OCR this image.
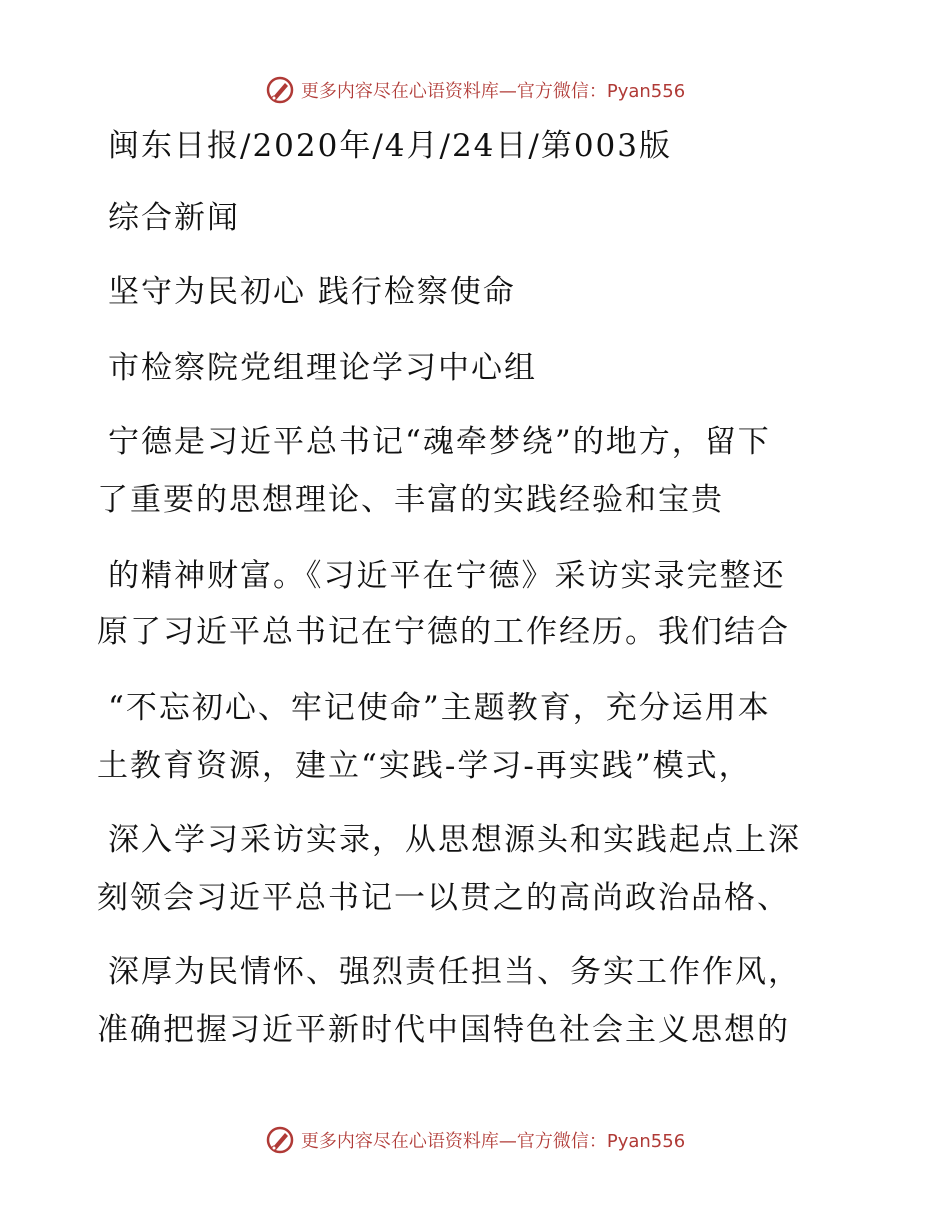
更多内容尽在心语资料库—官方微信：Pyan556
闽东日报/2020年/4月/24日/第003版
综合新闻
坚守为民初心 践行检察使命
市检察院党组理论学习中心组
宁德是习近平总书记“魂牵梦绕”的地方，留下
了重要的思想理论、丰富的实践经验和宝贵
的精神财富。《习近平在宁德》采访实录完整还
原了习近平总书记在宁德的工作经历。我们结合
“不忘初心、牢记使命”主题教育，充分运用本
土教育资源，建立“实践-学习-再实践”模式，
深入学习采访实录，从思想源头和实践起点上深
刻领会习近平总书记一以贯之的高尚政治品格、
深厚为民情怀、强烈责任担当、务实工作作风，
准确把握习近平新时代中国特色社会主义思想的
更多内容尽在心语资料库—官方微信：Pyan556
